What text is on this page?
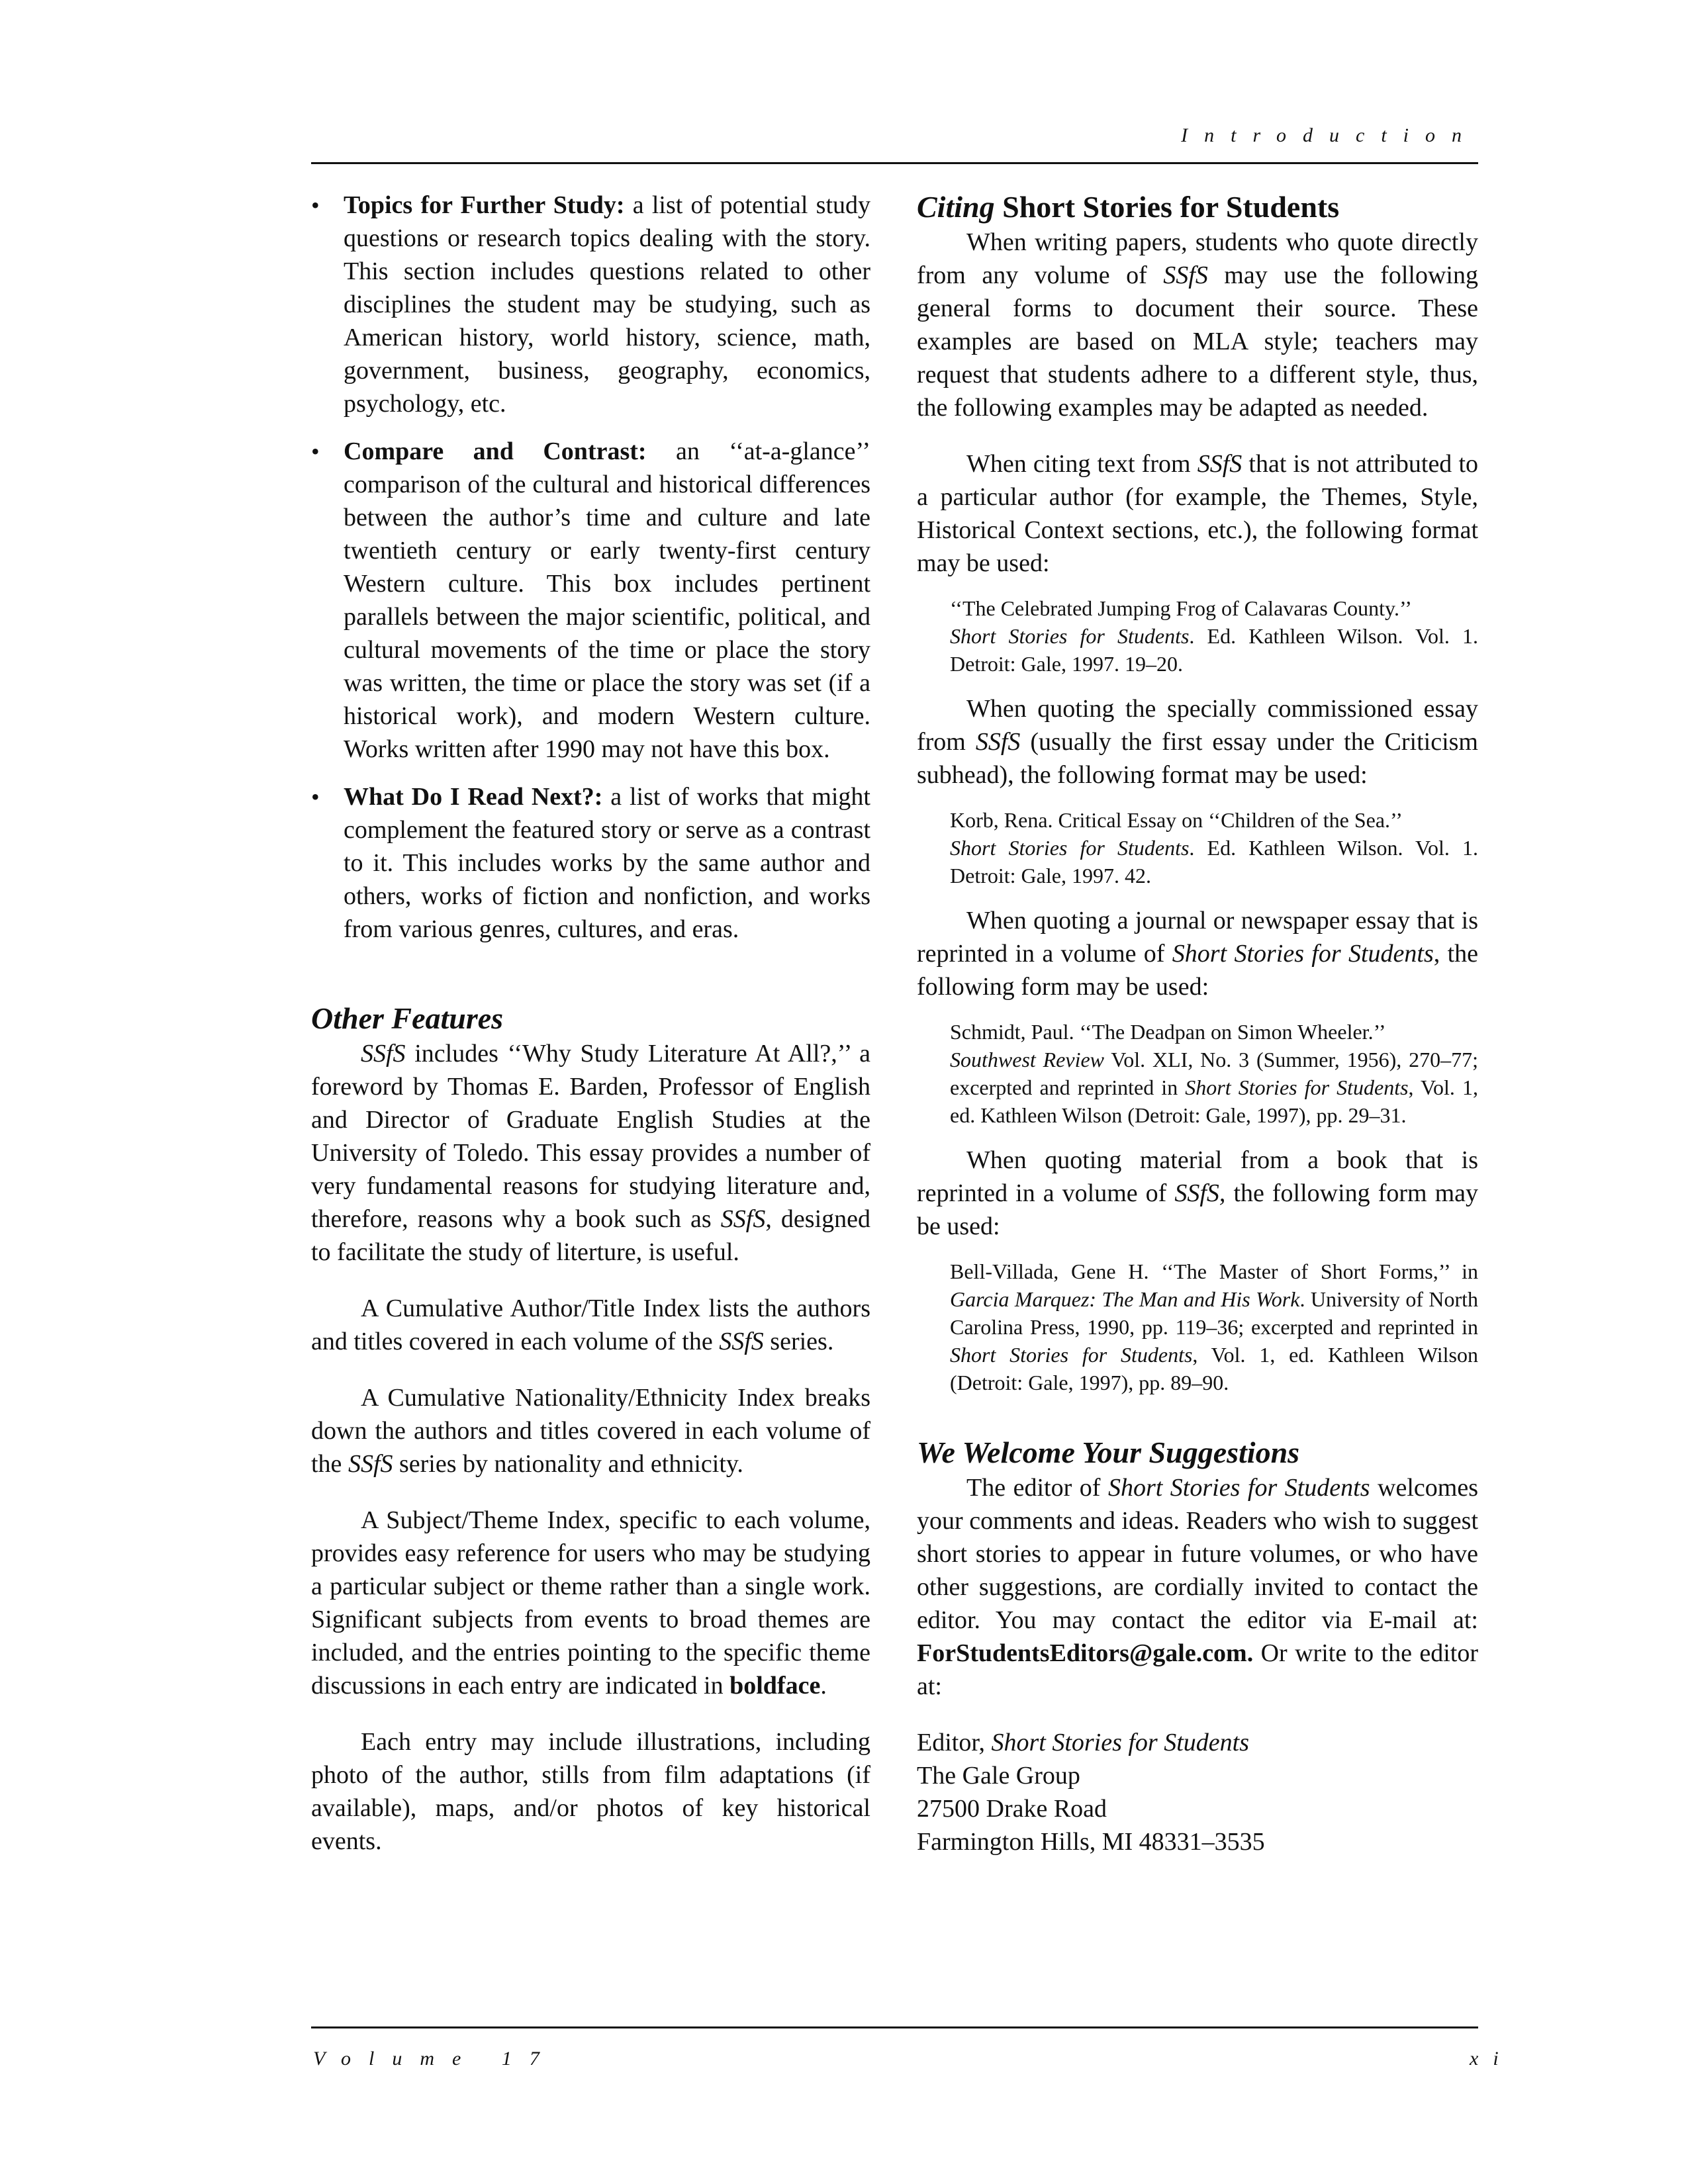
Introduction
• Topics for Further Study: a list of potential study questions or research topics dealing with the story. This section includes questions related to other disciplines the student may be studying, such as American history, world history, science, math, government, business, geography, economics, psychology, etc.
• Compare and Contrast: an ‘‘at-a-glance’’ comparison of the cultural and historical differences between the author’s time and culture and late twentieth century or early twenty-first century Western culture. This box includes pertinent parallels between the major scientific, political, and cultural movements of the time or place the story was written, the time or place the story was set (if a historical work), and modern Western culture. Works written after 1990 may not have this box.
• What Do I Read Next?: a list of works that might complement the featured story or serve as a contrast to it. This includes works by the same author and others, works of fiction and nonfiction, and works from various genres, cultures, and eras.
Other Features

SSfS includes ‘‘Why Study Literature At All?,’’ a foreword by Thomas E. Barden, Professor of English and Director of Graduate English Studies at the University of Toledo. This essay provides a number of very fundamental reasons for studying literature and, therefore, reasons why a book such as SSfS, designed to facilitate the study of literture, is useful.

A Cumulative Author/Title Index lists the authors and titles covered in each volume of the SSfS series.

A Cumulative Nationality/Ethnicity Index breaks down the authors and titles covered in each volume of the SSfS series by nationality and ethnicity.

A Subject/Theme Index, specific to each volume, provides easy reference for users who may be studying a particular subject or theme rather than a single work. Significant subjects from events to broad themes are included, and the entries pointing to the specific theme discussions in each entry are indicated in boldface.

Each entry may include illustrations, including photo of the author, stills from film adaptations (if available), maps, and/or photos of key historical events.

Citing Short Stories for Students

When writing papers, students who quote directly from any volume of SSfS may use the following general forms to document their source. These examples are based on MLA style; teachers may request that students adhere to a different style, thus, the following examples may be adapted as needed.

When citing text from SSfS that is not attributed to a particular author (for example, the Themes, Style, Historical Context sections, etc.), the following format may be used:

‘‘The Celebrated Jumping Frog of Calavaras County.’’
Short Stories for Students. Ed. Kathleen Wilson. Vol. 1. Detroit: Gale, 1997. 19–20.

When quoting the specially commissioned essay from SSfS (usually the first essay under the Criticism subhead), the following format may be used:

Korb, Rena. Critical Essay on ‘‘Children of the Sea.’’
Short Stories for Students. Ed. Kathleen Wilson. Vol. 1. Detroit: Gale, 1997. 42.

When quoting a journal or newspaper essay that is reprinted in a volume of Short Stories for Students, the following form may be used:

Schmidt, Paul. ‘‘The Deadpan on Simon Wheeler.’’
Southwest Review Vol. XLI, No. 3 (Summer, 1956), 270–77; excerpted and reprinted in Short Stories for Students, Vol. 1, ed. Kathleen Wilson (Detroit: Gale, 1997), pp. 29–31.

When quoting material from a book that is reprinted in a volume of SSfS, the following form may be used:

Bell-Villada, Gene H. ‘‘The Master of Short Forms,’’ in Garcia Marquez: The Man and His Work. University of North Carolina Press, 1990, pp. 119–36; excerpted and reprinted in Short Stories for Students, Vol. 1, ed. Kathleen Wilson (Detroit: Gale, 1997), pp. 89–90.

We Welcome Your Suggestions

The editor of Short Stories for Students welcomes your comments and ideas. Readers who wish to suggest short stories to appear in future volumes, or who have other suggestions, are cordially invited to contact the editor. You may contact the editor via E-mail at: ForStudentsEditors@gale.com. Or write to the editor at:

Editor, Short Stories for Students

The Gale Group

27500 Drake Road

Farmington Hills, MI 48331–3535

Volume 17	xi
